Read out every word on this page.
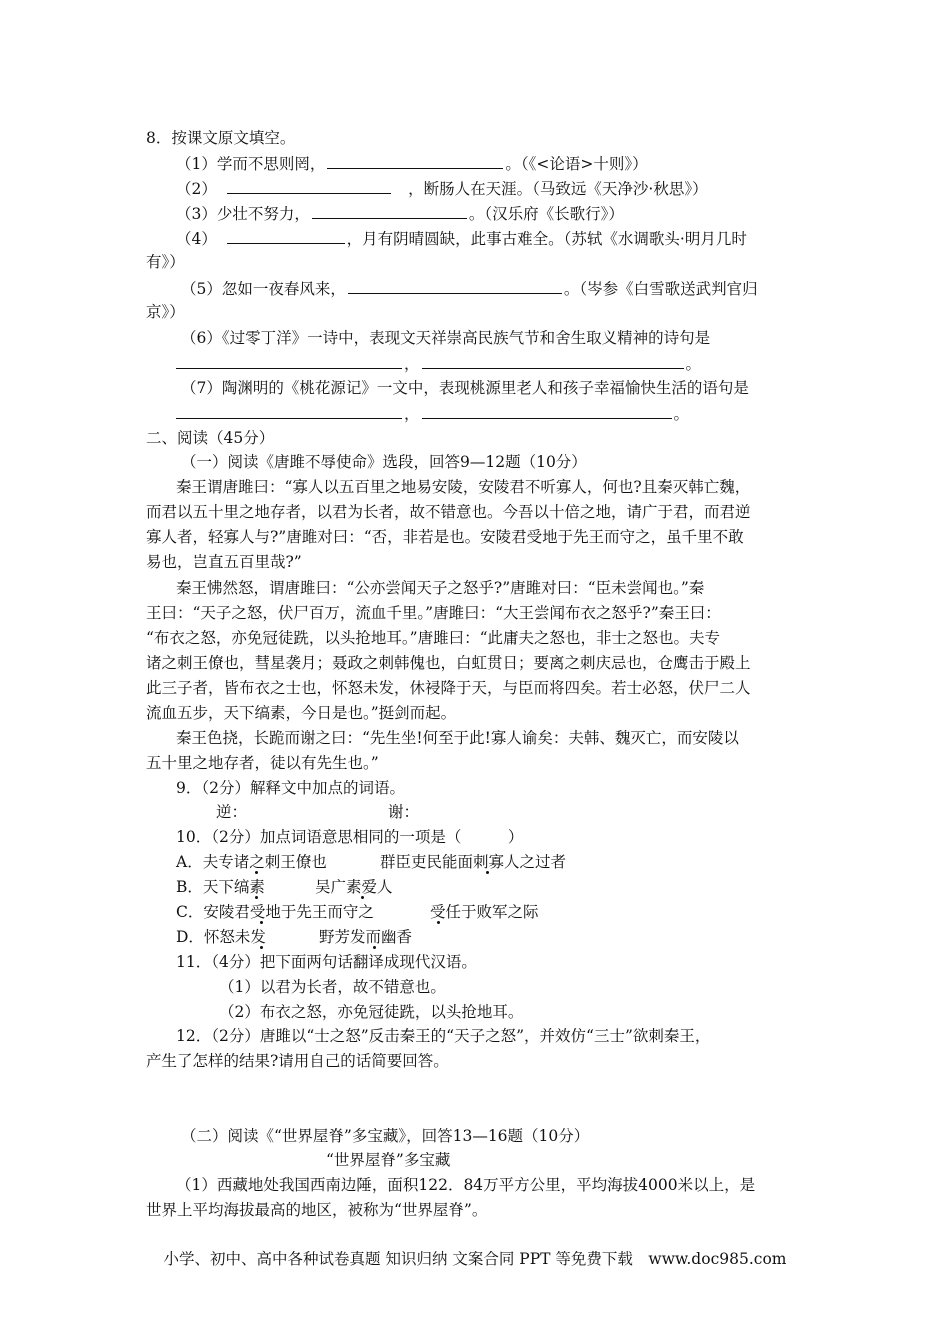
8．按课文原文填空。
（1）学而不思则罔，	。（《<论语>十则》）
（2）　　	，断肠人在天涯。（马致远《天净沙·秋思》）
（3）少壮不努力，	。（汉乐府《长歌行》）
（4）　	，月有阴晴圆缺，此事古难全。（苏轼《水调歌头·明月几时
有》）
（5）忽如一夜春风来，	。（岑参《白雪歌送武判官归
京》）
（6）《过零丁洋》一诗中，表现文天祥崇高民族气节和舍生取义精神的诗句是
，	。
（7）陶渊明的《桃花源记》一文中，表现桃源里老人和孩子幸福愉快生活的语句是
，	。
二、阅读（45分）
（一）阅读《唐雎不辱使命》选段，回答9—12题（10分）
秦王谓唐雎曰：“寡人以五百里之地易安陵，安陵君不听寡人，何也?且秦灭韩亡魏，
而君以五十里之地存者，以君为长者，故不错意也。今吾以十倍之地，请广于君，而君逆
寡人者，轻寡人与?”唐雎对曰：“否，非若是也。安陵君受地于先王而守之，虽千里不敢
易也，岂直五百里哉?”
秦王怫然怒，谓唐雎曰：“公亦尝闻天子之怒乎?”唐雎对曰：“臣未尝闻也。”秦
王曰：“天子之怒，伏尸百万，流血千里。”唐雎曰：“大王尝闻布衣之怒乎?”秦王曰：
“布衣之怒，亦免冠徒跣，以头抢地耳。”唐雎曰：“此庸夫之怒也，非士之怒也。夫专
诸之刺王僚也，彗星袭月；聂政之刺韩傀也，白虹贯日；要离之刺庆忌也，仓鹰击于殿上
此三子者，皆布衣之士也，怀怒未发，休祲降于天，与臣而将四矣。若士必怒，伏尸二人
流血五步，天下缟素，今日是也。”挺剑而起。
秦王色挠，长跪而谢之曰：“先生坐!何至于此!寡人谕矣：夫韩、魏灭亡，而安陵以
五十里之地存者，徒以有先生也。”
9．（2分）解释文中加点的词语。
逆：	谢：
10．（2分）加点词语意思相同的一项是（　　　）
A．夫专诸之刺王僚也	群臣吏民能面刺寡人之过者
B．天下缟素	吴广素爱人
C．安陵君受地于先王而守之	受任于败军之际
D．怀怒未发	野芳发而幽香
11．（4分）把下面两句话翻译成现代汉语。
（1）以君为长者，故不错意也。
（2）布衣之怒，亦免冠徒跣，以头抢地耳。
12．（2分）唐雎以“士之怒”反击秦王的“天子之怒”，并效仿“三士”欲刺秦王，
产生了怎样的结果?请用自己的话简要回答。
（二）阅读《“世界屋脊”多宝藏》，回答13—16题（10分）
“世界屋脊”多宝藏
（1）西藏地处我国西南边陲，面积122．84万平方公里，平均海拔4000米以上，是
世界上平均海拔最高的地区，被称为“世界屋脊”。
小学、初中、高中各种试卷真题 知识归纳 文案合同 PPT 等免费下载　www.doc985.com
